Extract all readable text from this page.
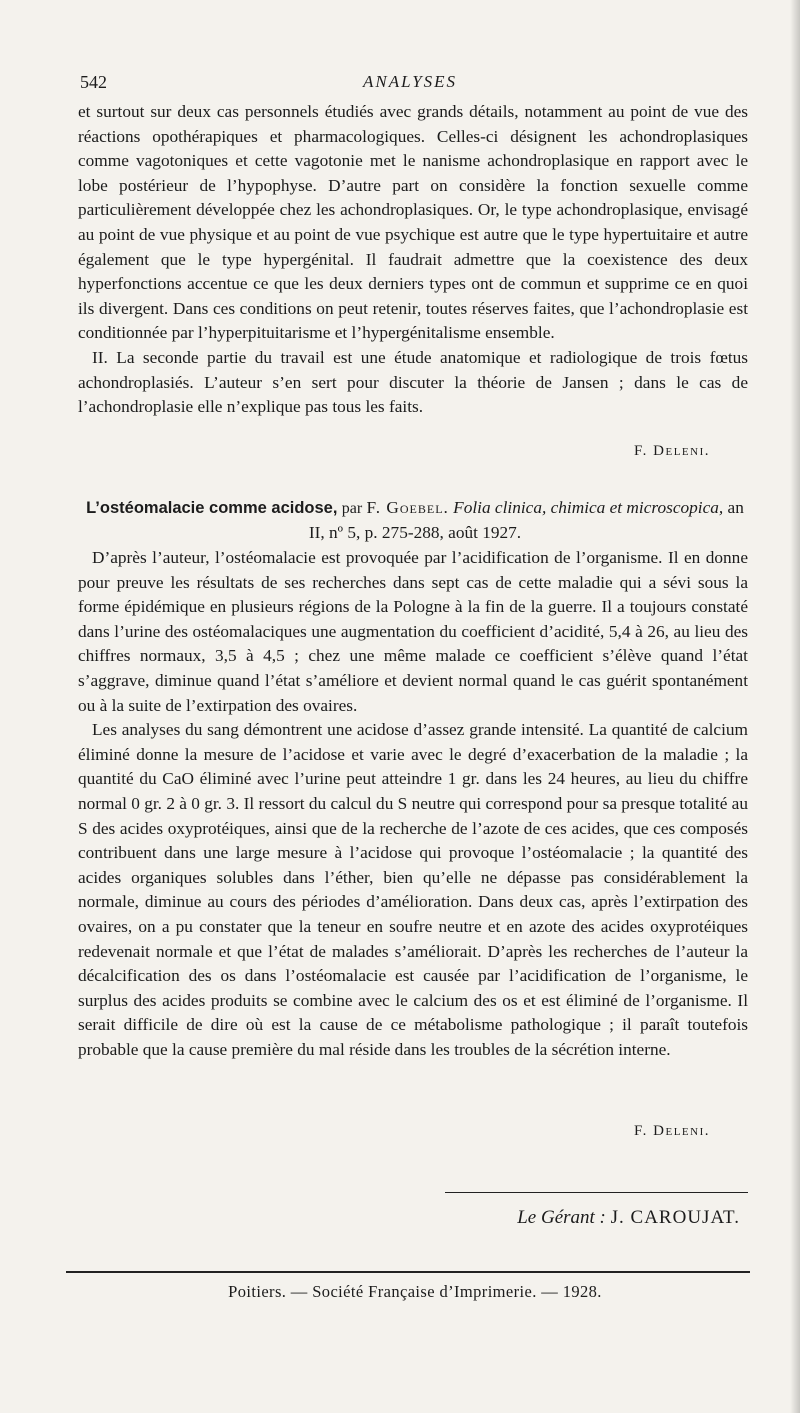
542	ANALYSES

et surtout sur deux cas personnels étudiés avec grands détails, notamment au point de vue des réactions opothérapiques et pharmacologiques. Celles-ci désignent les achondroplasiques comme vagotoniques et cette vagotonie met le nanisme achondroplasique en rapport avec le lobe postérieur de l’hypophyse. D’autre part on considère la fonction sexuelle comme particulièrement développée chez les achondroplasiques. Or, le type achondroplasique, envisagé au point de vue physique et au point de vue psychique est autre que le type hypertuitaire et autre également que le type hypergénital. Il faudrait admettre que la coexistence des deux hyperfonctions accentue ce que les deux derniers types ont de commun et supprime ce en quoi ils divergent. Dans ces conditions on peut retenir, toutes réserves faites, que l’achondroplasie est conditionnée par l’hyperpituitarisme et l’hypergénitalisme ensemble.

II. La seconde partie du travail est une étude anatomique et radiologique de trois fœtus achondroplasiés. L’auteur s’en sert pour discuter la théorie de Jansen ; dans le cas de l’achondroplasie elle n’explique pas tous les faits.

F. Deleni.
L’ostéomalacie comme acidose, par F. Goebel. Folia clinica, chimica et microscopica, an II, nº 5, p. 275-288, août 1927.

D’après l’auteur, l’ostéomalacie est provoquée par l’acidification de l’organisme. Il en donne pour preuve les résultats de ses recherches dans sept cas de cette maladie qui a sévi sous la forme épidémique en plusieurs régions de la Pologne à la fin de la guerre. Il a toujours constaté dans l’urine des ostéomalaciques une augmentation du coefficient d’acidité, 5,4 à 26, au lieu des chiffres normaux, 3,5 à 4,5 ; chez une même malade ce coefficient s’élève quand l’état s’aggrave, diminue quand l’état s’améliore et devient normal quand le cas guérit spontanément ou à la suite de l’extirpation des ovaires.

Les analyses du sang démontrent une acidose d’assez grande intensité. La quantité de calcium éliminé donne la mesure de l’acidose et varie avec le degré d’exacerbation de la maladie ; la quantité du CaO éliminé avec l’urine peut atteindre 1 gr. dans les 24 heures, au lieu du chiffre normal 0 gr. 2 à 0 gr. 3. Il ressort du calcul du S neutre qui correspond pour sa presque totalité au S des acides oxyprotéiques, ainsi que de la recherche de l’azote de ces acides, que ces composés contribuent dans une large mesure à l’acidose qui provoque l’ostéomalacie ; la quantité des acides organiques solubles dans l’éther, bien qu’elle ne dépasse pas considérablement la normale, diminue au cours des périodes d’amélioration. Dans deux cas, après l’extirpation des ovaires, on a pu constater que la teneur en soufre neutre et en azote des acides oxyprotéiques redevenait normale et que l’état de malades s’améliorait. D’après les recherches de l’auteur la décalcification des os dans l’ostéomalacie est causée par l’acidification de l’organisme, le surplus des acides produits se combine avec le calcium des os et est éliminé de l’organisme. Il serait difficile de dire où est la cause de ce métabolisme pathologique ; il paraît toutefois probable que la cause première du mal réside dans les troubles de la sécrétion interne.

F. Deleni.
Le Gérant : J. CAROUJAT.
Poitiers. — Société Française d’Imprimerie. — 1928.
